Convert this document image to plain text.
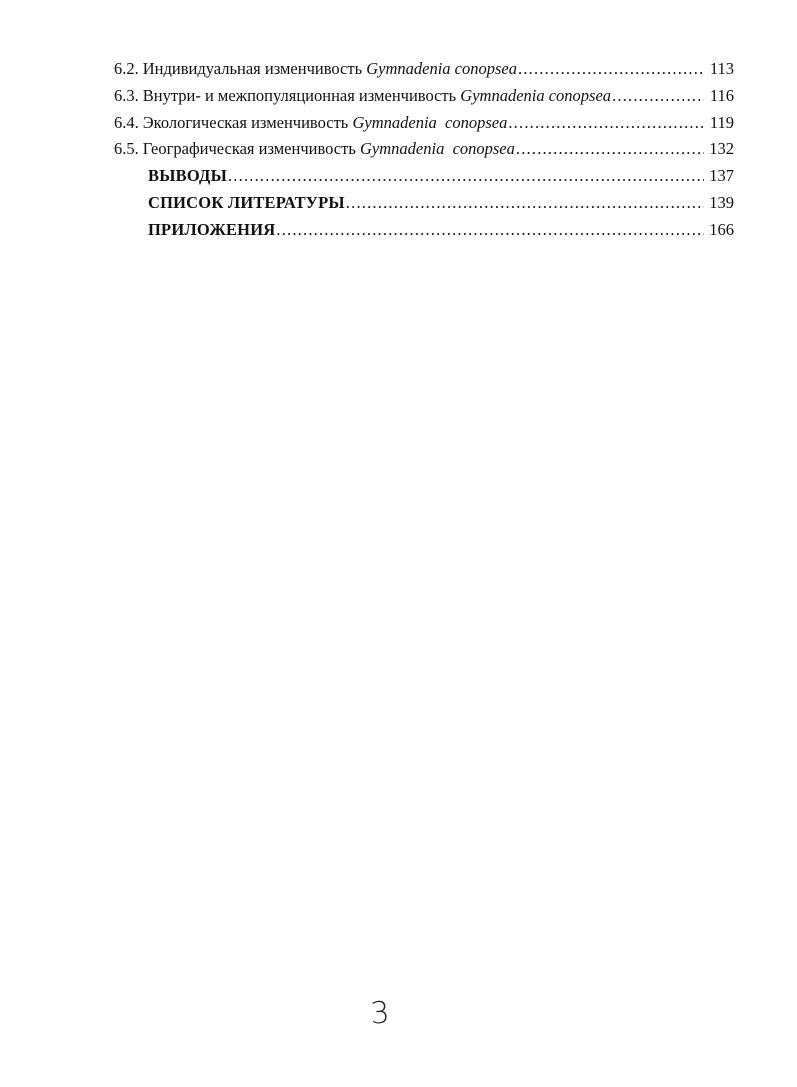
6.2. Индивидуальная изменчивость Gymnadenia conopsea .....	113
6.3. Внутри- и межпопуляционная изменчивость Gymnadenia conopsea .....	116
6.4. Экологическая изменчивость Gymnadenia  conopsea .....	119
6.5. Географическая изменчивость Gymnadenia  conopsea .....	132
ВЫВОДЫ .....	137
СПИСОК ЛИТЕРАТУРЫ .....	139
ПРИЛОЖЕНИЯ .....	166
3
